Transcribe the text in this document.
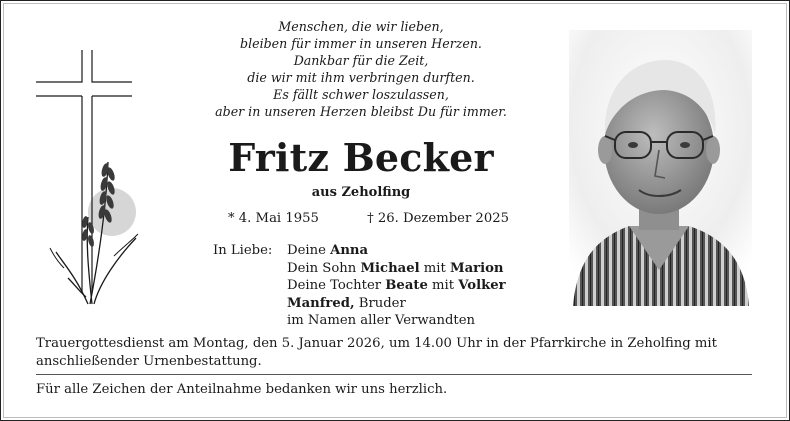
Menschen, die wir lieben,
bleiben für immer in unseren Herzen.
Dankbar für die Zeit,
die wir mit ihm verbringen durften.
Es fällt schwer loszulassen,
aber in unseren Herzen bleibst Du für immer.
Fritz Becker
aus Zeholfing
* 4. Mai 1955	† 26. Dezember 2025
In Liebe: Deine Anna
Dein Sohn Michael mit Marion
Deine Tochter Beate mit Volker
Manfred, Bruder
im Namen aller Verwandten
Trauergottesdienst am Montag, den 5. Januar 2026, um 14.00 Uhr in der Pfarrkirche in Zeholfing mit anschließender Urnenbestattung.
Für alle Zeichen der Anteilnahme bedanken wir uns herzlich.
